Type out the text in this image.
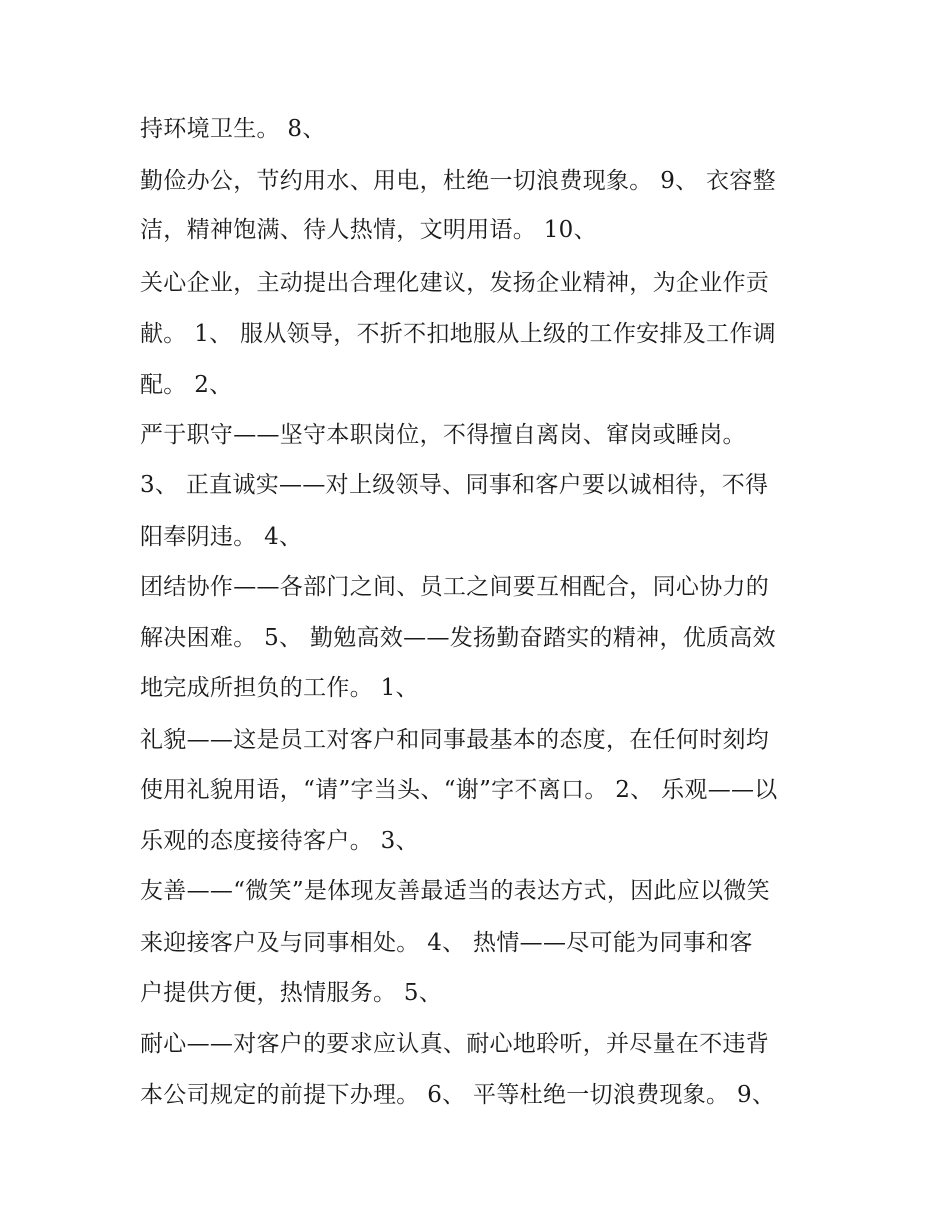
持环境卫生。 8、
勤俭办公，节约用水、用电，杜绝一切浪费现象。 9、 衣容整
洁，精神饱满、待人热情，文明用语。 10、
关心企业，主动提出合理化建议，发扬企业精神，为企业作贡
献。 1、 服从领导，不折不扣地服从上级的工作安排及工作调
配。 2、
严于职守——坚守本职岗位，不得擅自离岗、窜岗或睡岗。
3、 正直诚实——对上级领导、同事和客户要以诚相待，不得
阳奉阴违。 4、
团结协作——各部门之间、员工之间要互相配合，同心协力的
解决困难。 5、 勤勉高效——发扬勤奋踏实的精神，优质高效
地完成所担负的工作。 1、
礼貌——这是员工对客户和同事最基本的态度，在任何时刻均
使用礼貌用语，“请”字当头、“谢”字不离口。 2、 乐观——以
乐观的态度接待客户。 3、
友善——“微笑”是体现友善最适当的表达方式，因此应以微笑
来迎接客户及与同事相处。 4、 热情——尽可能为同事和客
户提供方便，热情服务。 5、
耐心——对客户的要求应认真、耐心地聆听，并尽量在不违背
本公司规定的前提下办理。 6、 平等杜绝一切浪费现象。 9、
